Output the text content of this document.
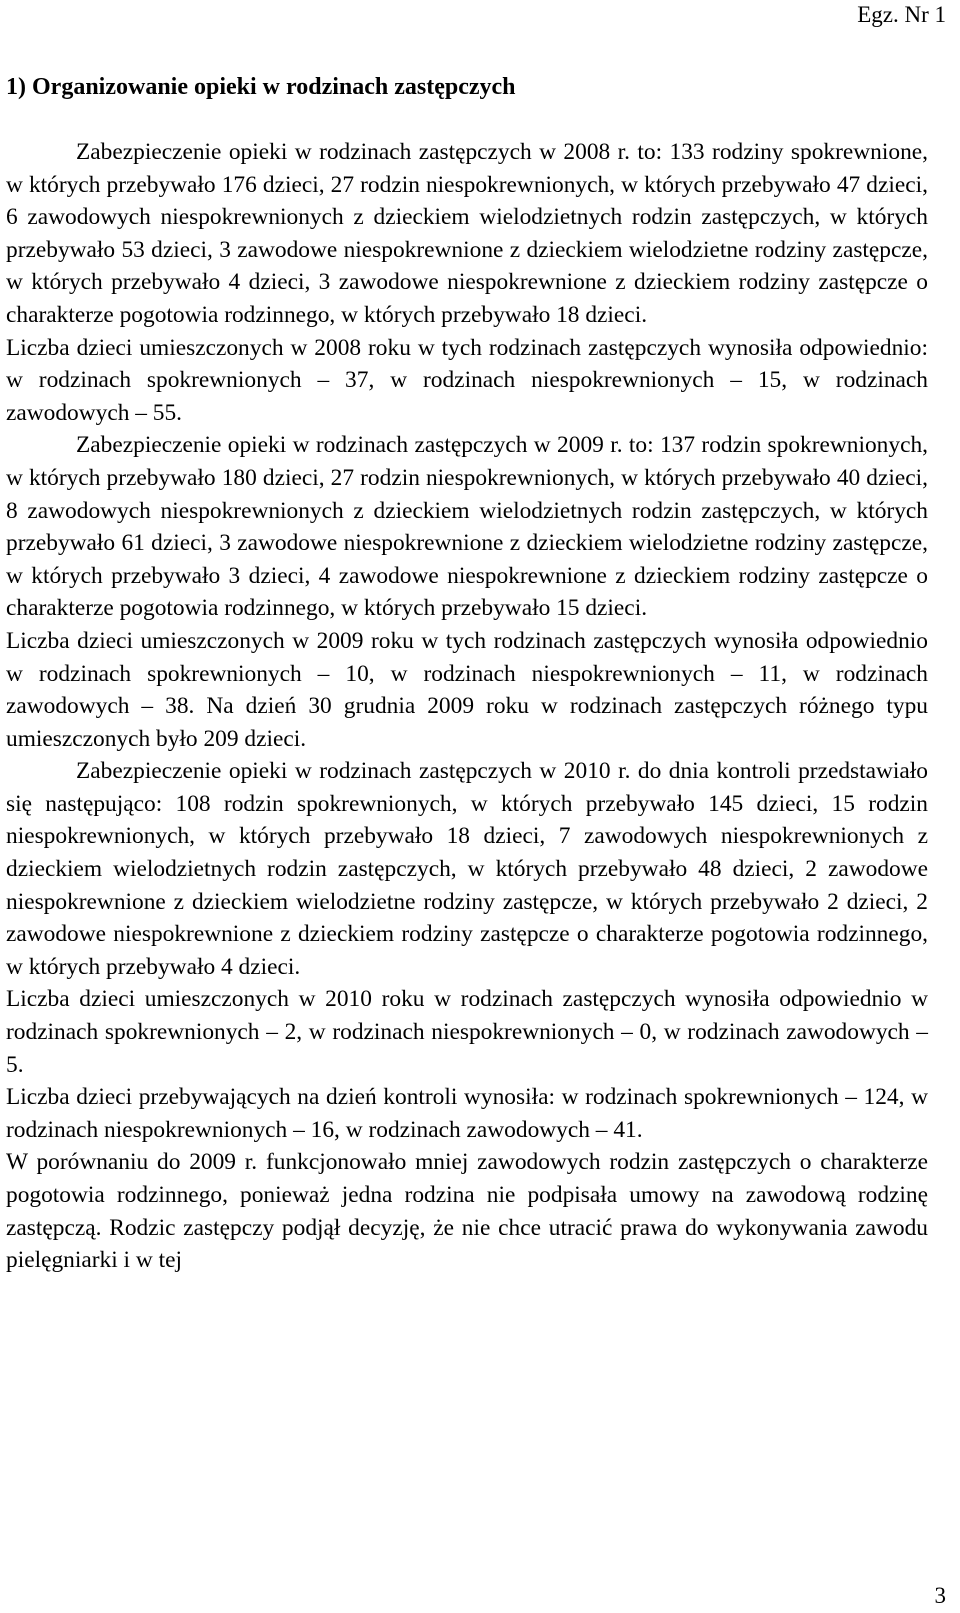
Egz. Nr 1
1) Organizowanie opieki w rodzinach zastępczych

Zabezpieczenie opieki w rodzinach zastępczych w 2008 r. to: 133 rodziny spokrewnione, w których przebywało 176 dzieci, 27 rodzin niespokrewnionych, w których przebywało 47 dzieci, 6 zawodowych niespokrewnionych z dzieckiem wielodzietnych rodzin zastępczych, w których przebywało 53 dzieci, 3 zawodowe niespokrewnione z dzieckiem wielodzietne rodziny zastępcze, w których przebywało 4 dzieci, 3 zawodowe niespokrewnione z dzieckiem rodziny zastępcze o charakterze pogotowia rodzinnego, w których przebywało 18 dzieci.

Liczba dzieci umieszczonych w 2008 roku w tych rodzinach zastępczych wynosiła odpowiednio: w rodzinach spokrewnionych – 37, w rodzinach niespokrewnionych – 15, w rodzinach zawodowych – 55.

Zabezpieczenie opieki w rodzinach zastępczych w 2009 r. to: 137 rodzin spokrewnionych, w których przebywało 180 dzieci, 27 rodzin niespokrewnionych, w których przebywało 40 dzieci, 8 zawodowych niespokrewnionych z dzieckiem wielodzietnych rodzin zastępczych, w których przebywało 61 dzieci, 3 zawodowe niespokrewnione z dzieckiem wielodzietne rodziny zastępcze, w których przebywało 3 dzieci, 4 zawodowe niespokrewnione z dzieckiem rodziny zastępcze o charakterze pogotowia rodzinnego, w których przebywało 15 dzieci.

Liczba dzieci umieszczonych w 2009 roku w tych rodzinach zastępczych wynosiła odpowiednio w rodzinach spokrewnionych – 10, w rodzinach niespokrewnionych – 11, w rodzinach zawodowych – 38. Na dzień 30 grudnia 2009 roku w rodzinach zastępczych różnego typu umieszczonych było 209 dzieci.

Zabezpieczenie opieki w rodzinach zastępczych w 2010 r. do dnia kontroli przedstawiało się następująco: 108 rodzin spokrewnionych, w których przebywało 145 dzieci, 15 rodzin niespokrewnionych, w których przebywało 18 dzieci, 7 zawodowych niespokrewnionych z dzieckiem wielodzietnych rodzin zastępczych, w których przebywało 48 dzieci, 2 zawodowe niespokrewnione z dzieckiem wielodzietne rodziny zastępcze, w których przebywało 2 dzieci, 2 zawodowe niespokrewnione z dzieckiem rodziny zastępcze o charakterze pogotowia rodzinnego, w których przebywało 4 dzieci.

Liczba dzieci umieszczonych w 2010 roku w rodzinach zastępczych wynosiła odpowiednio w rodzinach spokrewnionych – 2, w rodzinach niespokrewnionych – 0, w rodzinach zawodowych – 5.

Liczba dzieci przebywających na dzień kontroli wynosiła: w rodzinach spokrewnionych – 124, w rodzinach niespokrewnionych – 16, w rodzinach zawodowych – 41.

W porównaniu do 2009 r. funkcjonowało mniej zawodowych rodzin zastępczych o charakterze pogotowia rodzinnego, ponieważ jedna rodzina nie podpisała umowy na zawodową rodzinę zastępczą. Rodzic zastępczy podjął decyzję, że nie chce utracić prawa do wykonywania zawodu pielęgniarki i w tej

3
